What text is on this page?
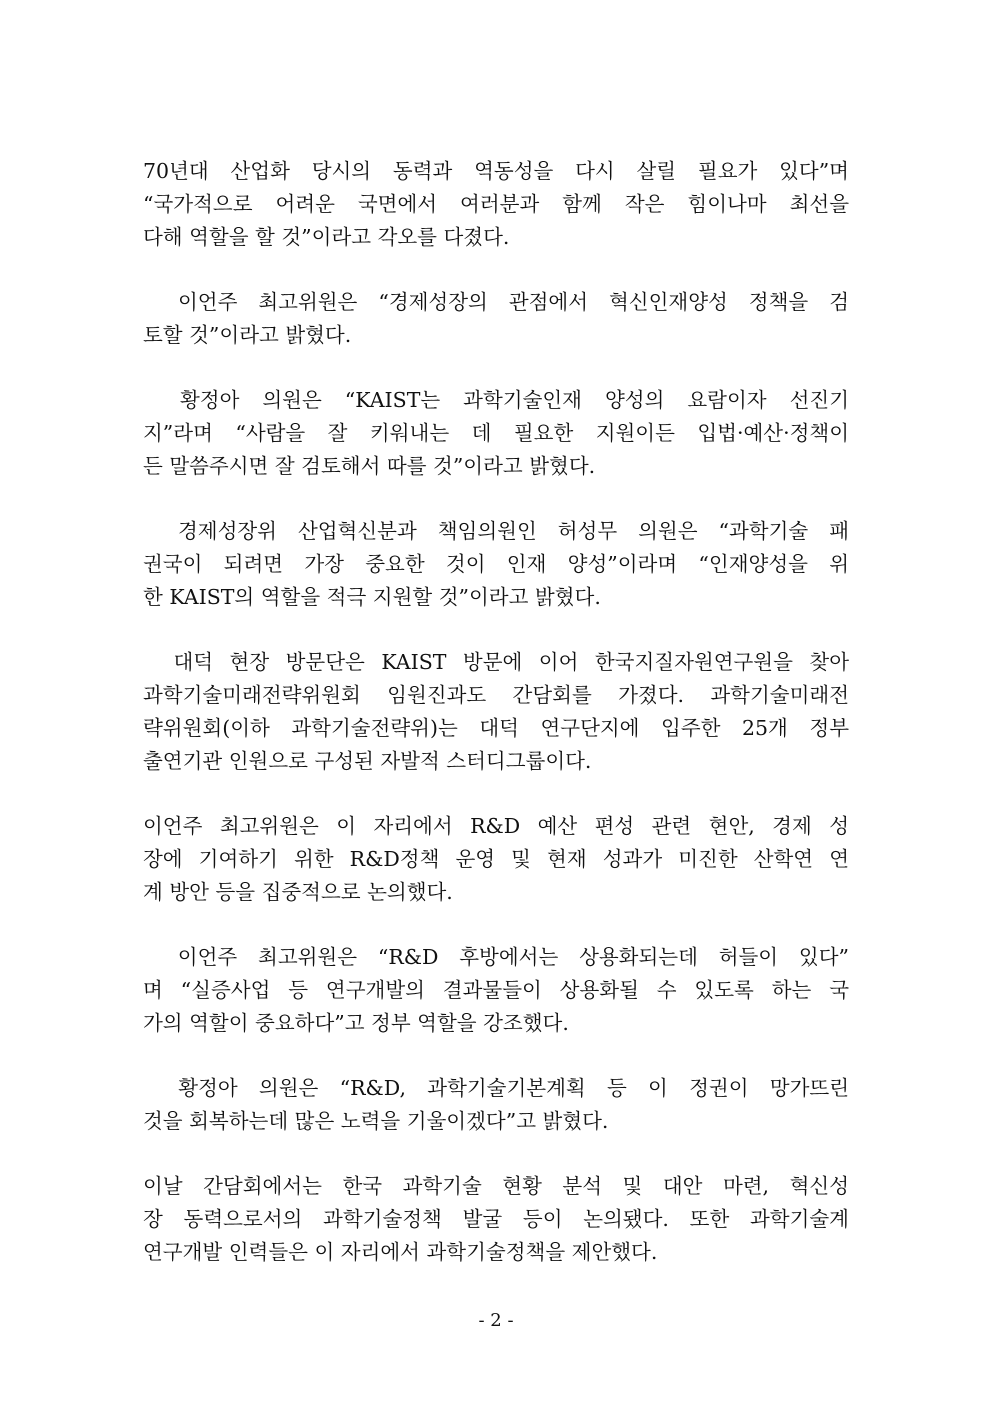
70년대 산업화 당시의 동력과 역동성을 다시 살릴 필요가 있다”며
“국가적으로 어려운 국면에서 여러분과 함께 작은 힘이나마 최선을
다해 역할을 할 것”이라고 각오를 다졌다.
　이언주 최고위원은 “경제성장의 관점에서 혁신인재양성 정책을 검
토할 것”이라고 밝혔다.
　황정아 의원은 “KAIST는 과학기술인재 양성의 요람이자 선진기
지”라며 “사람을 잘 키워내는 데 필요한 지원이든 입법·예산·정책이
든 말씀주시면 잘 검토해서 따를 것”이라고 밝혔다.
　경제성장위 산업혁신분과 책임의원인 허성무 의원은 “과학기술 패
권국이 되려면 가장 중요한 것이 인재 양성”이라며 “인재양성을 위
한 KAIST의 역할을 적극 지원할 것”이라고 밝혔다.
　대덕 현장 방문단은 KAIST 방문에 이어 한국지질자원연구원을 찾아
과학기술미래전략위원회 임원진과도 간담회를 가졌다. 과학기술미래전
략위원회(이하 과학기술전략위)는 대덕 연구단지에 입주한 25개 정부
출연기관 인원으로 구성된 자발적 스터디그룹이다.
이언주 최고위원은 이 자리에서 R&D 예산 편성 관련 현안, 경제 성
장에 기여하기 위한 R&D정책 운영 및 현재 성과가 미진한 산학연 연
계 방안 등을 집중적으로 논의했다.
　이언주 최고위원은 “R&D 후방에서는 상용화되는데 허들이 있다”
며 “실증사업 등 연구개발의 결과물들이 상용화될 수 있도록 하는 국
가의 역할이 중요하다”고 정부 역할을 강조했다.
　황정아 의원은 “R&D, 과학기술기본계획 등 이 정권이 망가뜨린
것을 회복하는데 많은 노력을 기울이겠다”고 밝혔다.
이날 간담회에서는 한국 과학기술 현황 분석 및 대안 마련, 혁신성
장 동력으로서의 과학기술정책 발굴 등이 논의됐다. 또한 과학기술계
연구개발 인력들은 이 자리에서 과학기술정책을 제안했다.
- 2 -
